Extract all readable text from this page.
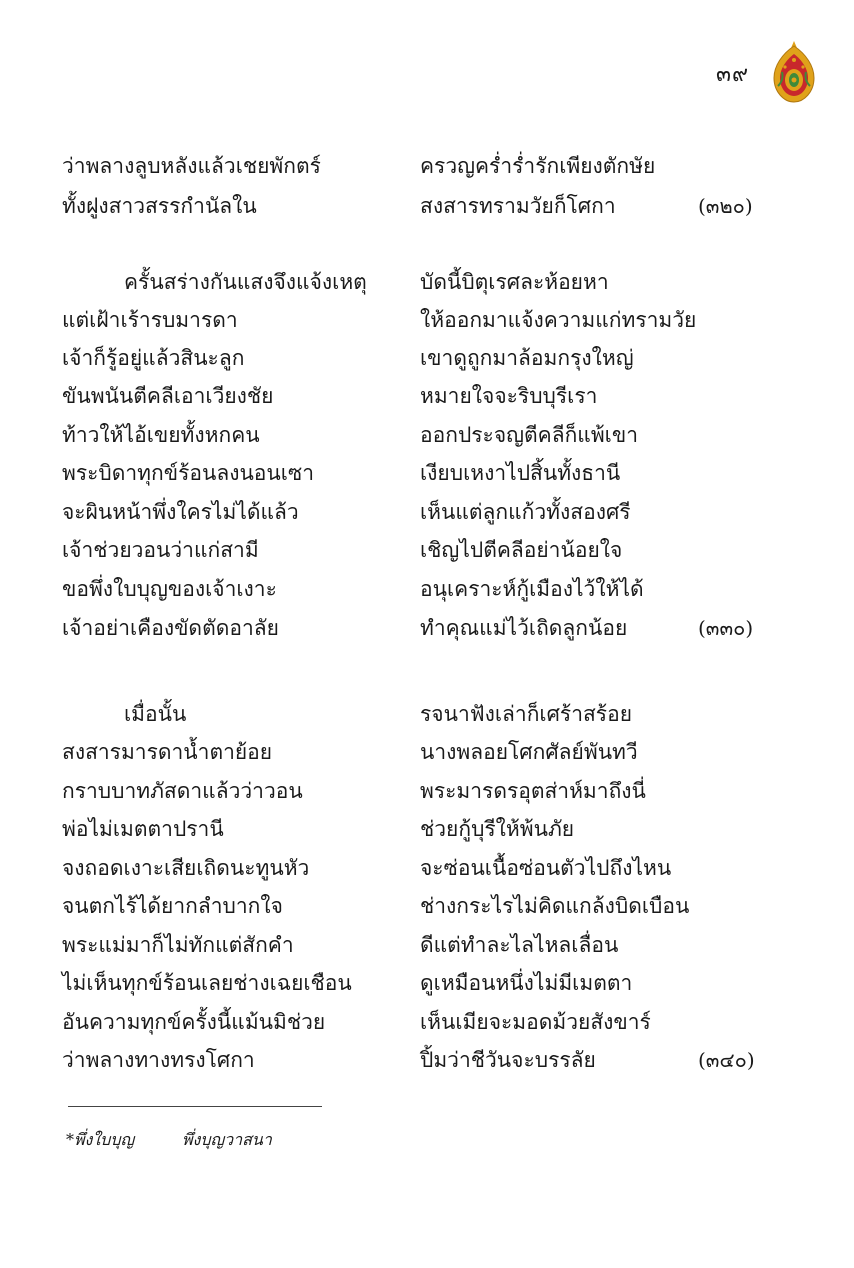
๓๙
ว่าพลางลูบหลังแล้วเชยพักตร์	ครวญคร่ำร่ำรักเพียงตักษัย
ทั้งฝูงสาวสรรกำนัลใน	สงสารทรามวัยก็โศกา	(๓๒๐)
ครั้นสร่างกันแสงจึงแจ้งเหตุ	บัดนี้บิตุเรศละห้อยหา
แต่เฝ้าเร้ารบมารดา	ให้ออกมาแจ้งความแก่ทรามวัย
เจ้าก็รู้อยู่แล้วสินะลูก	เขาดูถูกมาล้อมกรุงใหญ่
ขันพนันตีคลีเอาเวียงชัย	หมายใจจะริบบุรีเรา
ท้าวให้ไอ้เขยทั้งหกคน	ออกประจญตีคลีก็แพ้เขา
พระบิดาทุกข์ร้อนลงนอนเซา	เงียบเหงาไปสิ้นทั้งธานี
จะผินหน้าพึ่งใครไม่ได้แล้ว	เห็นแต่ลูกแก้วทั้งสองศรี
เจ้าช่วยวอนว่าแก่สามี	เชิญไปตีคลีอย่าน้อยใจ
ขอพึ่งใบบุญของเจ้าเงาะ	อนุเคราะห์กู้เมืองไว้ให้ได้
เจ้าอย่าเคืองขัดตัดอาลัย	ทำคุณแม่ไว้เถิดลูกน้อย	(๓๓๐)
เมื่อนั้น	รจนาฟังเล่าก็เศร้าสร้อย
สงสารมารดาน้ำตาย้อย	นางพลอยโศกศัลย์พันทวี
กราบบาทภัสดาแล้วว่าวอน	พระมารดรอุตส่าห์มาถึงนี่
พ่อไม่เมตตาปรานี	ช่วยกู้บุรีให้พ้นภัย
จงถอดเงาะเสียเถิดนะทูนหัว	จะซ่อนเนื้อซ่อนตัวไปถึงไหน
จนตกไร้ได้ยากลำบากใจ	ช่างกระไรไม่คิดแกล้งบิดเบือน
พระแม่มาก็ไม่ทักแต่สักคำ	ดีแต่ทำละไลไหลเลื่อน
ไม่เห็นทุกข์ร้อนเลยช่างเฉยเชือน	ดูเหมือนหนึ่งไม่มีเมตตา
อันความทุกข์ครั้งนี้แม้นมิช่วย	เห็นเมียจะมอดม้วยสังขาร์
ว่าพลางทางทรงโศกา	ปิ้มว่าชีวันจะบรรลัย	(๓๔๐)
*พึ่งใบบุญ	พึ่งบุญวาสนา
